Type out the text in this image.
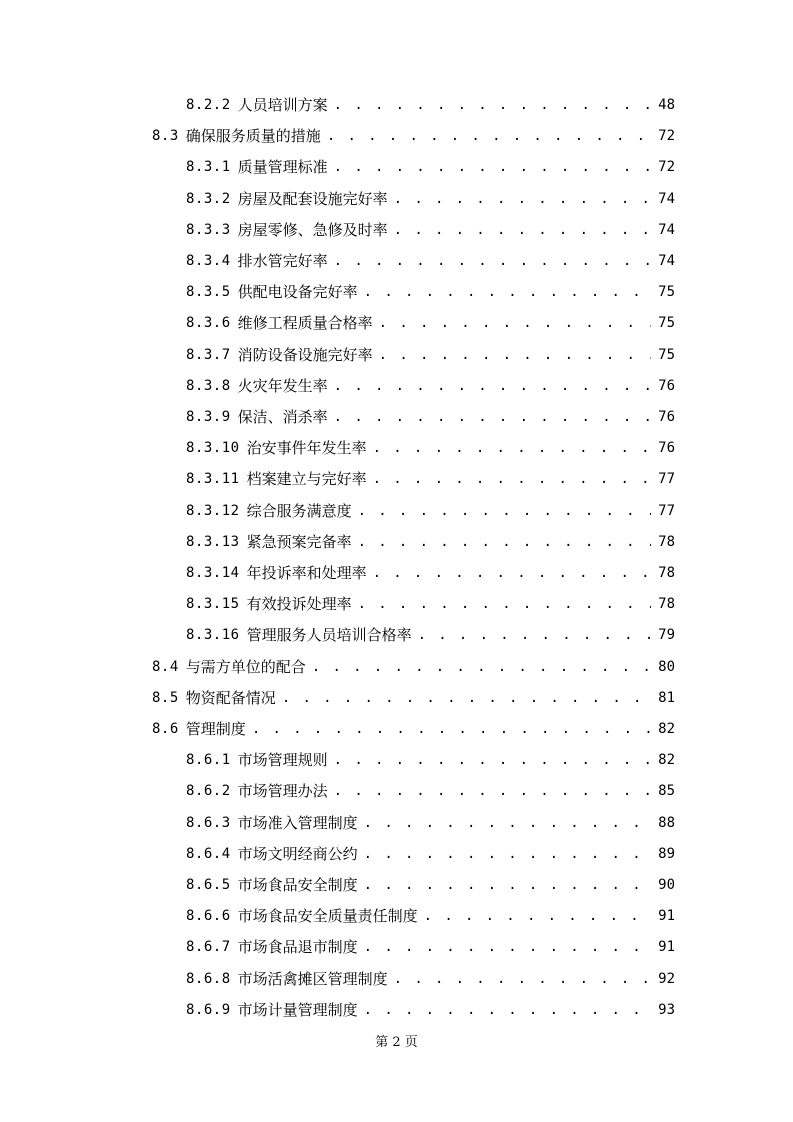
8.2.2 人员培训方案 . . .	48
8.3 确保服务质量的措施 . . .	72
8.3.1 质量管理标准 . . .	72
8.3.2 房屋及配套设施完好率 . . .	74
8.3.3 房屋零修、急修及时率 . . .	74
8.3.4 排水管完好率 . . .	74
8.3.5 供配电设备完好率 . . .	75
8.3.6 维修工程质量合格率 . . .	75
8.3.7 消防设备设施完好率 . . .	75
8.3.8 火灾年发生率 . . .	76
8.3.9 保洁、消杀率 . . .	76
8.3.10 治安事件年发生率 . . .	76
8.3.11 档案建立与完好率 . . .	77
8.3.12 综合服务满意度 . . .	77
8.3.13 紧急预案完备率 . . .	78
8.3.14 年投诉率和处理率 . . .	78
8.3.15 有效投诉处理率 . . .	78
8.3.16 管理服务人员培训合格率 . . .	79
8.4 与需方单位的配合 . . .	80
8.5 物资配备情况 . . .	81
8.6 管理制度 . . .	82
8.6.1 市场管理规则 . . .	82
8.6.2 市场管理办法 . . .	85
8.6.3 市场准入管理制度 . . .	88
8.6.4 市场文明经商公约 . . .	89
8.6.5 市场食品安全制度 . . .	90
8.6.6 市场食品安全质量责任制度 . . .	91
8.6.7 市场食品退市制度 . . .	91
8.6.8 市场活禽摊区管理制度 . . .	92
8.6.9 市场计量管理制度 . . .	93
第 2 页
